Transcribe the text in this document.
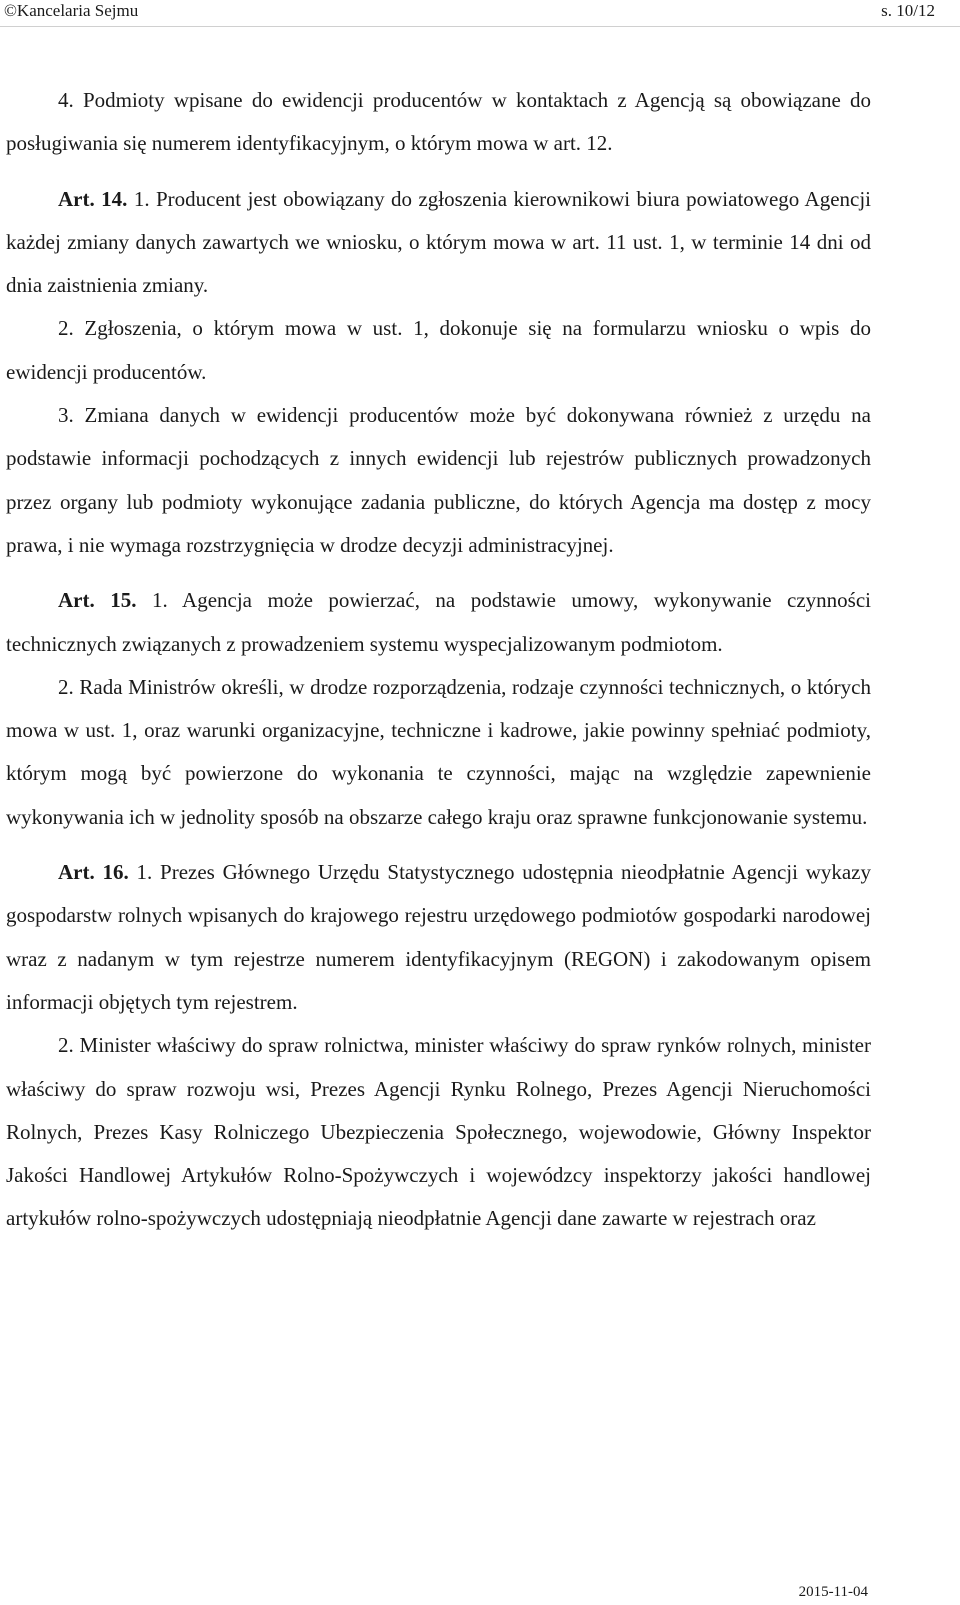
©Kancelaria Sejmu	s. 10/12

4. Podmioty wpisane do ewidencji producentów w kontaktach z Agencją są obowiązane do posługiwania się numerem identyfikacyjnym, o którym mowa w art. 12.

Art. 14. 1. Producent jest obowiązany do zgłoszenia kierownikowi biura powiatowego Agencji każdej zmiany danych zawartych we wniosku, o którym mowa w art. 11 ust. 1, w terminie 14 dni od dnia zaistnienia zmiany.

2. Zgłoszenia, o którym mowa w ust. 1, dokonuje się na formularzu wniosku o wpis do ewidencji producentów.

3. Zmiana danych w ewidencji producentów może być dokonywana również z urzędu na podstawie informacji pochodzących z innych ewidencji lub rejestrów publicznych prowadzonych przez organy lub podmioty wykonujące zadania publiczne, do których Agencja ma dostęp z mocy prawa, i nie wymaga rozstrzygnięcia w drodze decyzji administracyjnej.

Art. 15. 1. Agencja może powierzać, na podstawie umowy, wykonywanie czynności technicznych związanych z prowadzeniem systemu wyspecjalizowanym podmiotom.

2. Rada Ministrów określi, w drodze rozporządzenia, rodzaje czynności technicznych, o których mowa w ust. 1, oraz warunki organizacyjne, techniczne i kadrowe, jakie powinny spełniać podmioty, którym mogą być powierzone do wykonania te czynności, mając na względzie zapewnienie wykonywania ich w jednolity sposób na obszarze całego kraju oraz sprawne funkcjonowanie systemu.

Art. 16. 1. Prezes Głównego Urzędu Statystycznego udostępnia nieodpłatnie Agencji wykazy gospodarstw rolnych wpisanych do krajowego rejestru urzędowego podmiotów gospodarki narodowej wraz z nadanym w tym rejestrze numerem identyfikacyjnym (REGON) i zakodowanym opisem informacji objętych tym rejestrem.

2. Minister właściwy do spraw rolnictwa, minister właściwy do spraw rynków rolnych, minister właściwy do spraw rozwoju wsi, Prezes Agencji Rynku Rolnego, Prezes Agencji Nieruchomości Rolnych, Prezes Kasy Rolniczego Ubezpieczenia Społecznego, wojewodowie, Główny Inspektor Jakości Handlowej Artykułów Rolno-Spożywczych i wojewódzcy inspektorzy jakości handlowej artykułów rolno-spożywczych udostępniają nieodpłatnie Agencji dane zawarte w rejestrach oraz

2015-11-04
